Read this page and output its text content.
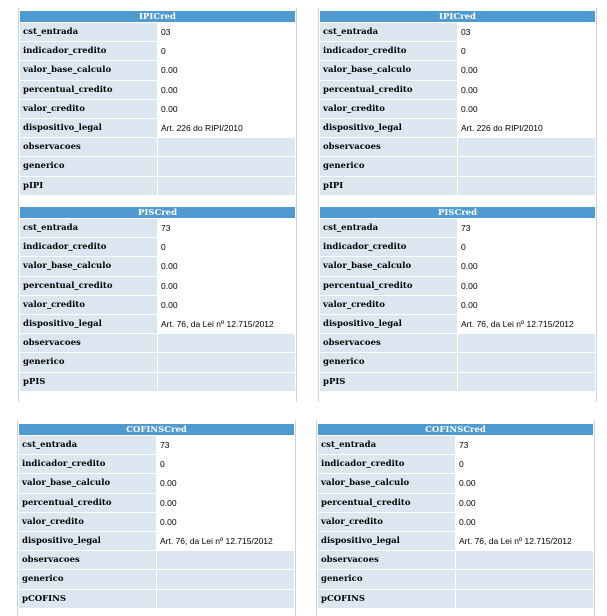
IPICred	
cst_entrada	03
indicador_credito	0
valor_base_calculo	0.00
percentual_credito	0.00
valor_credito	0.00
dispositivo_legal	Art. 226 do RIPI/2010
observacoes	
generico	
pIPI	
IPICred	
cst_entrada	03
indicador_credito	0
valor_base_calculo	0.00
percentual_credito	0.00
valor_credito	0.00
dispositivo_legal	Art. 226 do RIPI/2010
observacoes	
generico	
pIPI	
PISCred	
cst_entrada	73
indicador_credito	0
valor_base_calculo	0.00
percentual_credito	0.00
valor_credito	0.00
dispositivo_legal	Art. 76, da Lei nº 12.715/2012
observacoes	
generico	
pPIS	
PISCred	
cst_entrada	73
indicador_credito	0
valor_base_calculo	0.00
percentual_credito	0.00
valor_credito	0.00
dispositivo_legal	Art. 76, da Lei nº 12.715/2012
observacoes	
generico	
pPIS	
COFINSCred	
cst_entrada	73
indicador_credito	0
valor_base_calculo	0.00
percentual_credito	0.00
valor_credito	0.00
dispositivo_legal	Art. 76, da Lei nº 12.715/2012
observacoes	
generico	
pCOFINS	
COFINSCred	
cst_entrada	73
indicador_credito	0
valor_base_calculo	0.00
percentual_credito	0.00
valor_credito	0.00
dispositivo_legal	Art. 76, da Lei nº 12.715/2012
observacoes	
generico	
pCOFINS	
